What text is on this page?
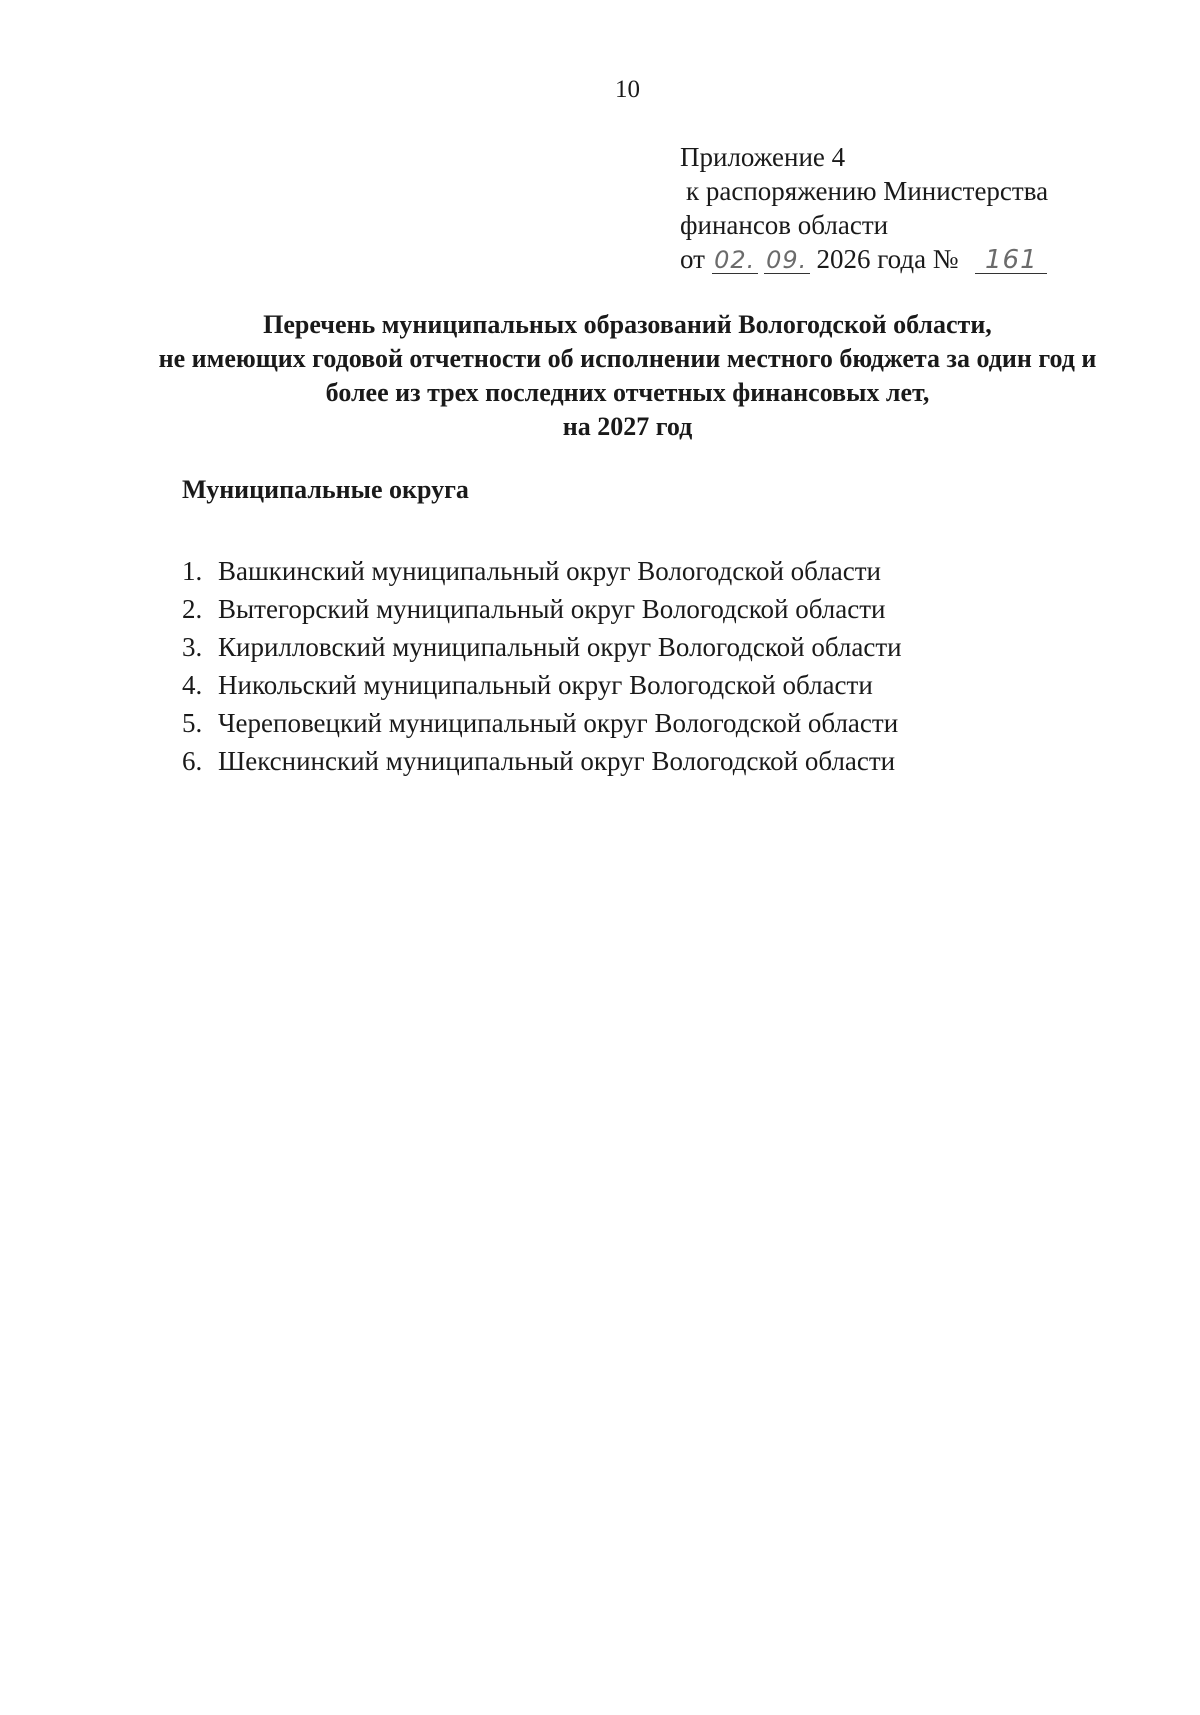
10
Приложение 4
к распоряжению Министерства
финансов области
от 02. 09. 2026 года № 161
Перечень муниципальных образований Вологодской области,
не имеющих годовой отчетности об исполнении местного бюджета за один год и
более из трех последних отчетных финансовых лет,
на 2027 год
Муниципальные округа
1. Вашкинский муниципальный округ Вологодской области
2. Вытегорский муниципальный округ Вологодской области
3. Кирилловский муниципальный округ Вологодской области
4. Никольский муниципальный округ Вологодской области
5. Череповецкий муниципальный округ Вологодской области
6. Шекснинский муниципальный округ Вологодской области
